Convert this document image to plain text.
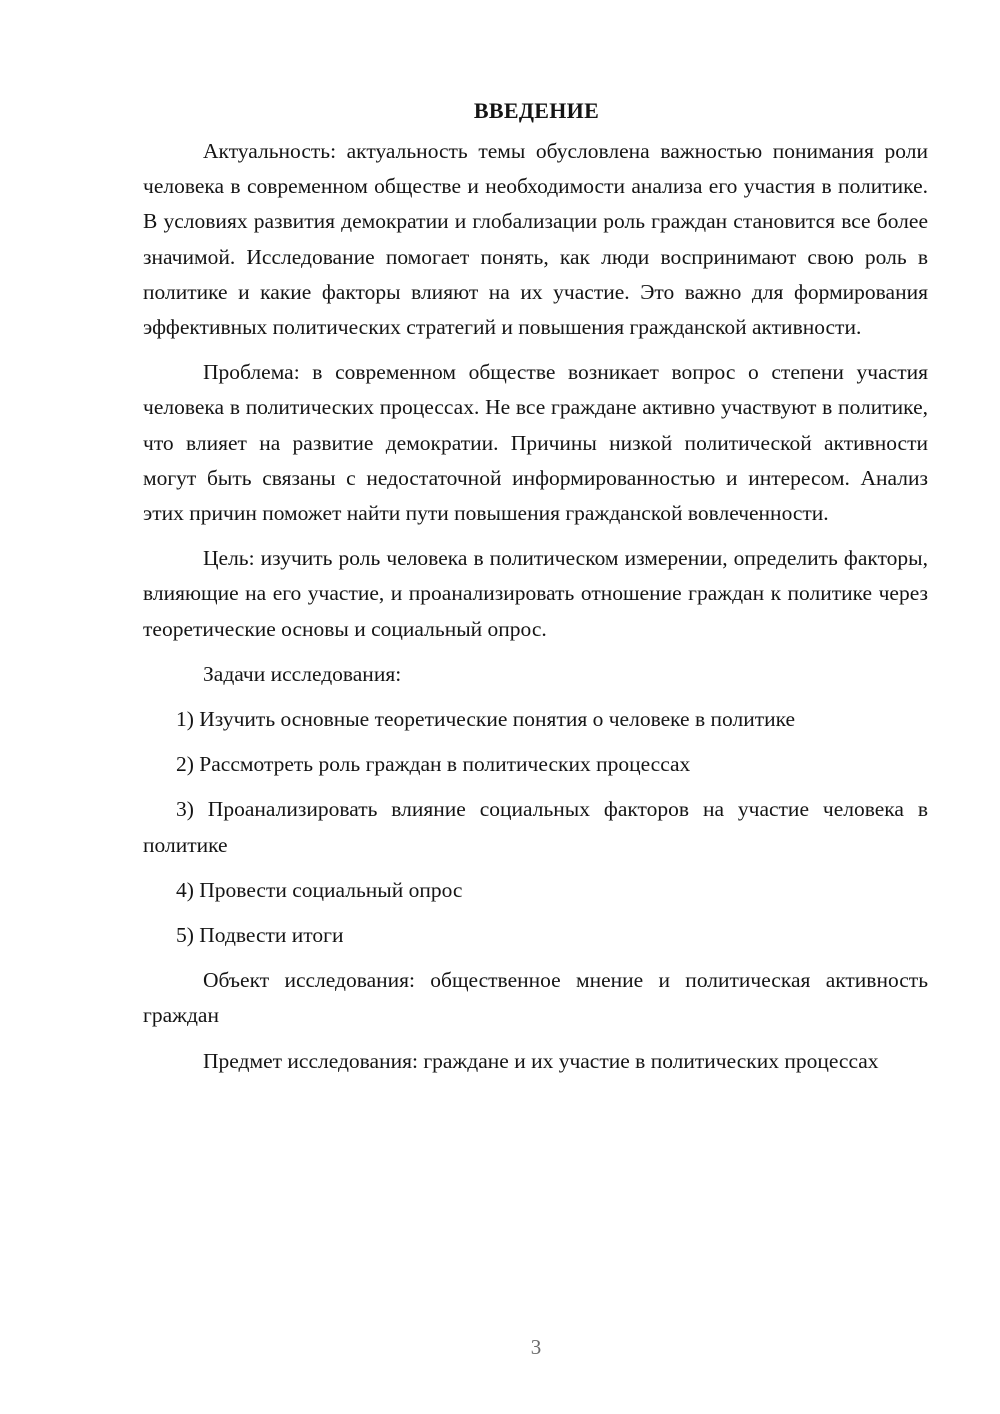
ВВЕДЕНИЕ

Актуальность: актуальность темы обусловлена важностью понимания роли человека в современном обществе и необходимости анализа его участия в политике. В условиях развития демократии и глобализации роль граждан становится все более значимой. Исследование помогает понять, как люди воспринимают свою роль в политике и какие факторы влияют на их участие. Это важно для формирования эффективных политических стратегий и повышения гражданской активности.

Проблема: в современном обществе возникает вопрос о степени участия человека в политических процессах. Не все граждане активно участвуют в политике, что влияет на развитие демократии. Причины низкой политической активности могут быть связаны с недостаточной информированностью и интересом. Анализ этих причин поможет найти пути повышения гражданской вовлеченности.

Цель: изучить роль человека в политическом измерении, определить факторы, влияющие на его участие, и проанализировать отношение граждан к политике через теоретические основы и социальный опрос.

Задачи исследования:

1) Изучить основные теоретические понятия о человеке в политике

2) Рассмотреть роль граждан в политических процессах

3) Проанализировать влияние социальных факторов на участие человека в политике

4) Провести социальный опрос

5) Подвести итоги

Объект исследования: общественное мнение и политическая активность граждан

Предмет исследования: граждане и их участие в политических процессах

3
